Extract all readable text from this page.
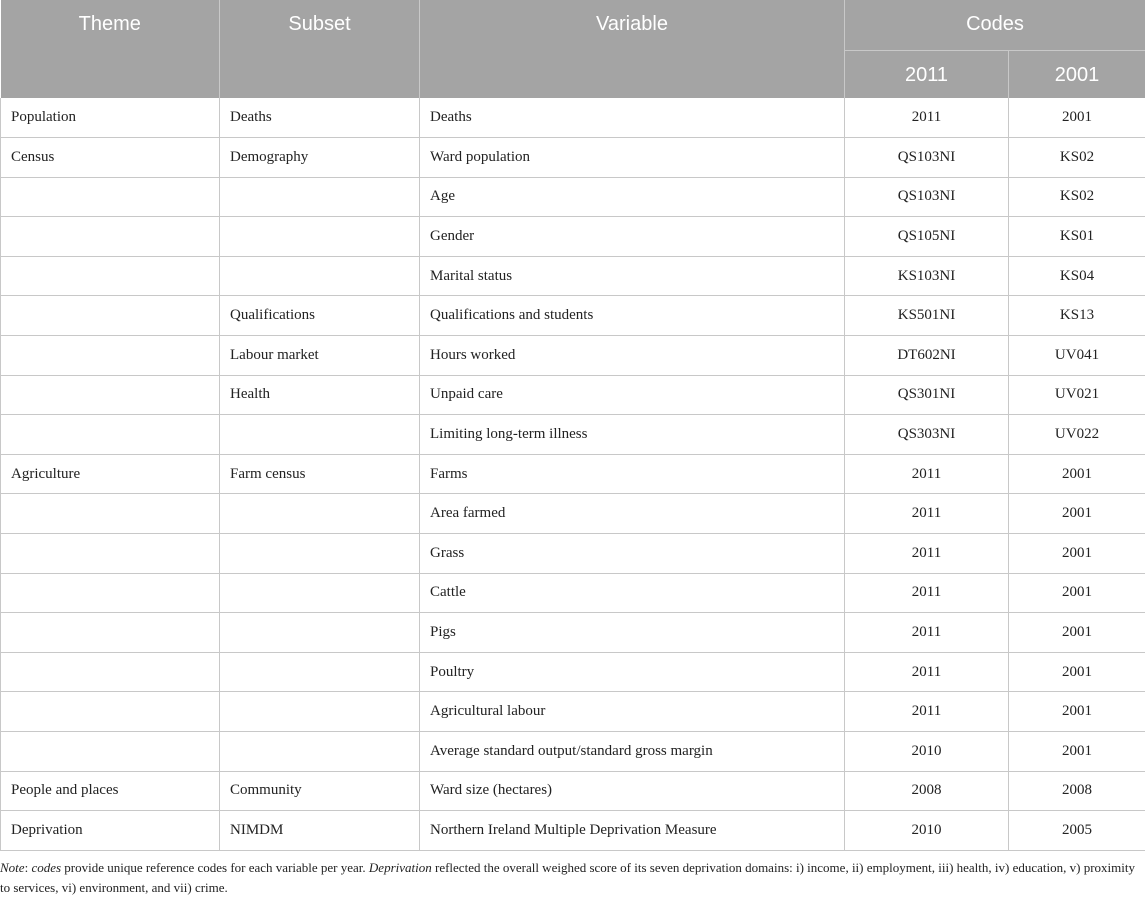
Theme	Subset	Variable	Codes	
			2011	2001
Population	Deaths	Deaths	2011	2001
Census	Demography	Ward population	QS103NI	KS02
		Age	QS103NI	KS02
		Gender	QS105NI	KS01
		Marital status	KS103NI	KS04
	Qualifications	Qualifications and students	KS501NI	KS13
	Labour market	Hours worked	DT602NI	UV041
	Health	Unpaid care	QS301NI	UV021
		Limiting long-term illness	QS303NI	UV022
Agriculture	Farm census	Farms	2011	2001
		Area farmed	2011	2001
		Grass	2011	2001
		Cattle	2011	2001
		Pigs	2011	2001
		Poultry	2011	2001
		Agricultural labour	2011	2001
		Average standard output/standard gross margin	2010	2001
People and places	Community	Ward size (hectares)	2008	2008
Deprivation	NIMDM	Northern Ireland Multiple Deprivation Measure	2010	2005

Note: codes provide unique reference codes for each variable per year. Deprivation reflected the overall weighed score of its seven deprivation domains: i) income, ii) employment, iii) health, iv) education, v) proximity to services, vi) environment, and vii) crime.
